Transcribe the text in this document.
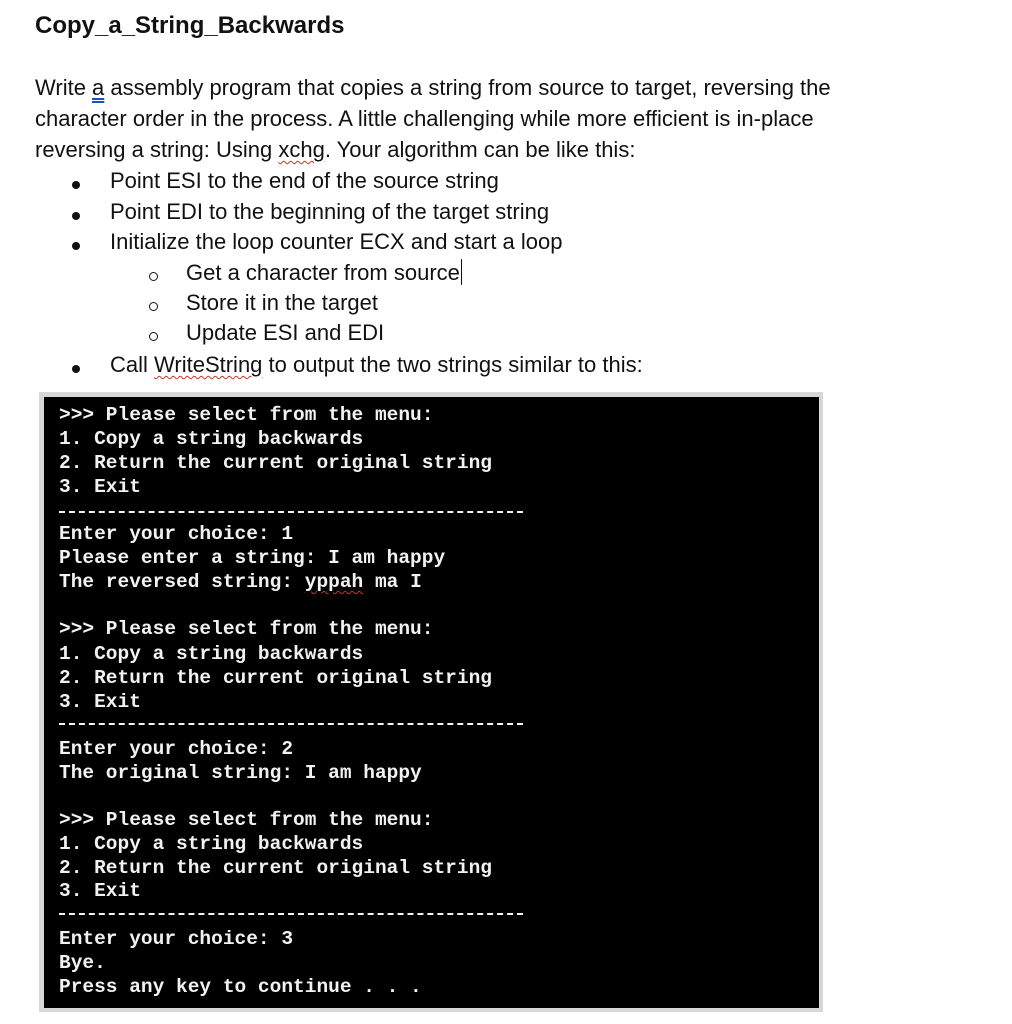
Copy_a_String_Backwards
Write a assembly program that copies a string from source to target, reversing the
character order in the process. A little challenging while more efficient is in-place
reversing a string: Using xchg. Your algorithm can be like this:
Point ESI to the end of the source string
Point EDI to the beginning of the target string
Initialize the loop counter ECX and start a loop
Get a character from source
Store it in the target
Update ESI and EDI
Call WriteString to output the two strings similar to this:
>>> Please select from the menu:
1. Copy a string backwards
2. Return the current original string
3. Exit
Enter your choice: 1
Please enter a string: I am happy
The reversed string: yppah ma I
>>> Please select from the menu:
1. Copy a string backwards
2. Return the current original string
3. Exit
Enter your choice: 2
The original string: I am happy
>>> Please select from the menu:
1. Copy a string backwards
2. Return the current original string
3. Exit
Enter your choice: 3
Bye.
Press any key to continue . . .
